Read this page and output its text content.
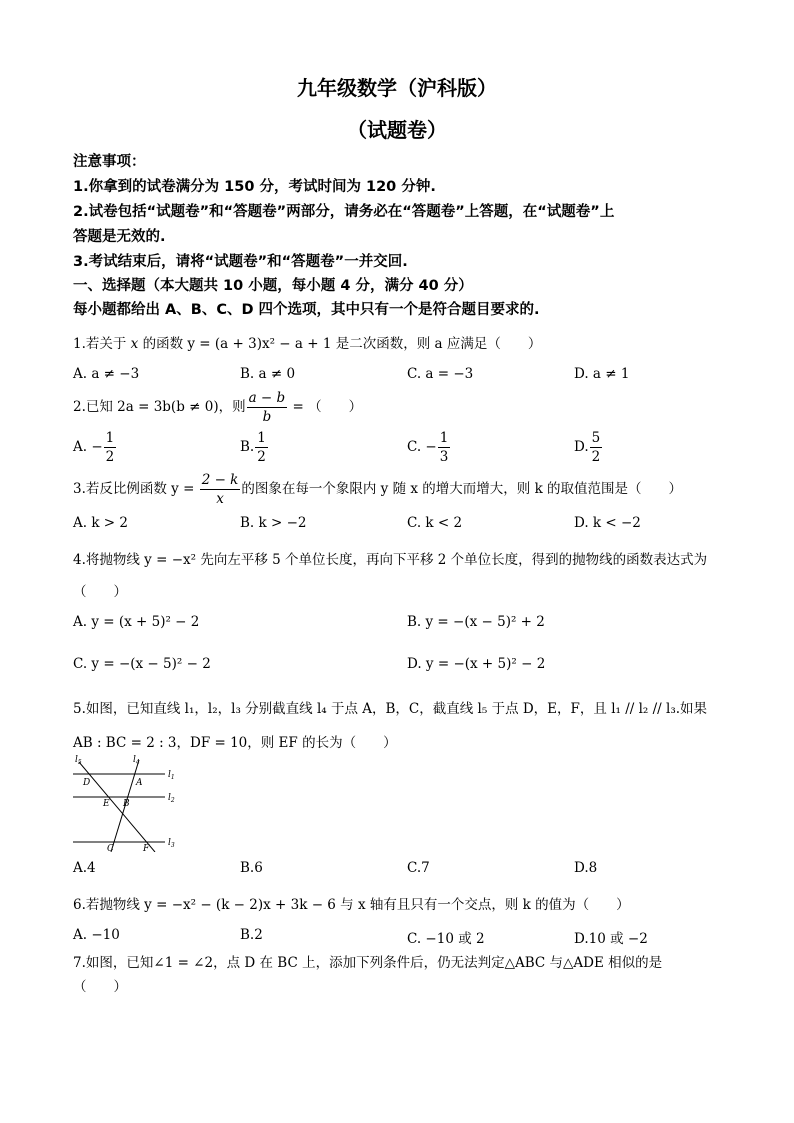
九年级数学（沪科版）
（试题卷）
注意事项：
1.你拿到的试卷满分为 150 分，考试时间为 120 分钟.
2.试卷包括“试题卷”和“答题卷”两部分，请务必在“答题卷”上答题，在“试题卷”上
答题是无效的.
3.考试结束后，请将“试题卷”和“答题卷”一并交回.
一、选择题（本大题共 10 小题，每小题 4 分，满分 40 分）
每小题都给出 A、B、C、D 四个选项，其中只有一个是符合题目要求的.
1.若关于 x 的函数 y = (a + 3)x² − a + 1 是二次函数，则 a 应满足（　　）
A. a ≠ −3	B. a ≠ 0	C. a = −3	D. a ≠ 1
2.已知 2a = 3b(b ≠ 0)，则 $\frac{a - b}{b}$ = （　　）
A. − $\frac{1}{2}$	B. $\frac{1}{2}$	C. − $\frac{1}{3}$	D. $\frac{5}{2}$
3.若反比例函数 $y = \frac{2 - k}{x}$ 的图象在每一个象限内 y 随 x 的增大而增大，则 k 的取值范围是（　　）
A. k > 2	B. k > −2	C. k < 2	D. k < −2
4.将抛物线 y = −x² 先向左平移 5 个单位长度，再向下平移 2 个单位长度，得到的抛物线的函数表达式为
（　　）
A. y = (x + 5)² − 2	B. y = −(x − 5)² + 2
C. y = −(x − 5)² − 2	D. y = −(x + 5)² − 2
5.如图，已知直线 l₁，l₂，l₃ 分别截直线 l₄ 于点 A，B，C，截直线 l₅ 于点 D，E，F，且 l₁ // l₂ // l₃.如果
AB : BC = 2 : 3，DF = 10，则 EF 的长为（　　）
$l_5$	$l_4$
$l_1$
$l_2$
$l_3$
D	A
E B
C	F
A.4	B.6	C.7	D.8
6.若抛物线 y = −x² − (k − 2)x + 3k − 6 与 x 轴有且只有一个交点，则 k 的值为（　　）
A. −10	B.2	C. −10 或 2	D.10 或 −2
7.如图，已知∠1 = ∠2，点 D 在 BC 上，添加下列条件后，仍无法判定△ABC 与△ADE 相似的是
（　　）
